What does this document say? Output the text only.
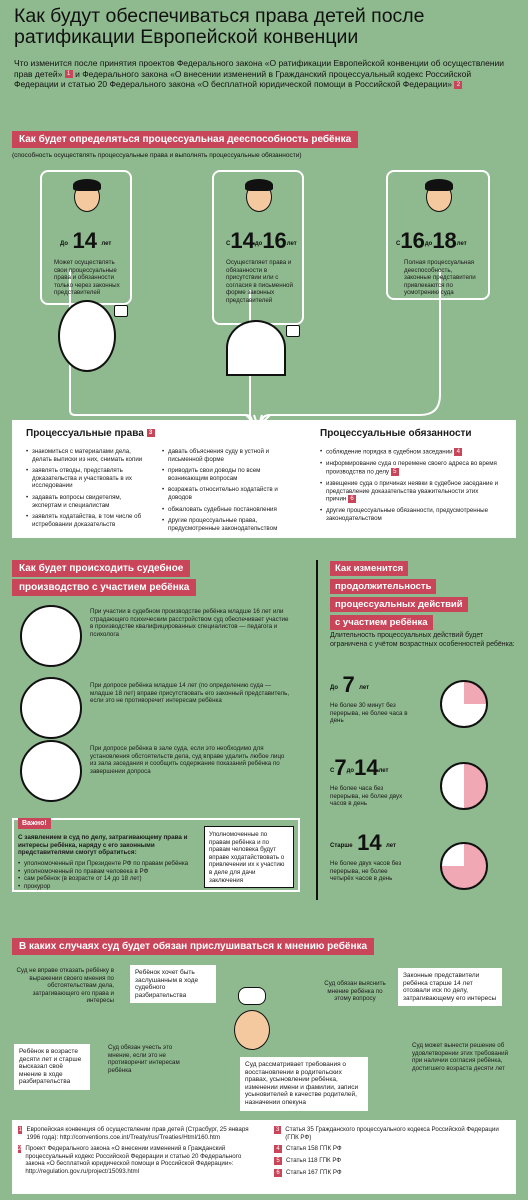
Как будут обеспечиваться права детей после ратификации Европейской конвенции
Что изменится после принятия проектов Федерального закона «О ратификации Европейской конвенции об осуществлении прав детей» 1 и Федерального закона «О внесении изменений в Гражданский процессуальный кодекс Российской Федерации и статью 20 Федерального закона «О бесплатной юридической помощи в Российской Федерации» 2
Как будет определяться процессуальная дееспособность ребёнка
(способность осуществлять процессуальные права и выполнять процессуальные обязанности)
До 14 лет
Может осуществлять свои процессуальные права и обязанности только через законных представителей
С14до16лет
Осуществляет права и обязанности в присутствии или с согласия в письменной форме законных представителей
С16до18лет
Полная процессуальная дееспособность, законные представители привлекаются по усмотрению суда
Процессуальные права 3
• знакомиться с материалами дела, делать выписки из них, снимать копии
• заявлять отводы, представлять доказательства и участвовать в их исследовании
• задавать вопросы свидетелям, экспертам и специалистам
• заявлять ходатайства, в том числе об истребовании доказательств
• давать объяснения суду в устной и письменной форме
• приводить свои доводы по всем возникающим вопросам
• возражать относительно ходатайств и доводов
• обжаловать судебные постановления
• другие процессуальные права, предусмотренные законодательством
Процессуальные обязанности
• соблюдение порядка в судебном заседании 4
• информирование суда о перемене своего адреса во время производства по делу 5
• извещение суда о причинах неявки в судебное заседание и представление доказательства уважительности этих причин 6
• другие процессуальные обязанности, предусмотренные законодательством
Как будет происходить судебное
производство с участием ребёнка
При участии в судебном производстве ребёнка младше 16 лет или страдающего психическим расстройством суд обеспечивает участие в производстве квалифицированных специалистов — педагога и психолога
При допросе ребёнка младше 14 лет (по определению суда — младше 18 лет) вправе присутствовать его законный представитель, если это не противоречит интересам ребёнка
При допросе ребёнка в зале суда, если это необходимо для установления обстоятельств дела, суд вправе удалить любое лицо из зала заседания и сообщить содержание показаний ребёнка по завершении допроса
Важно!
С заявлением в суд по делу, затрагивающему права и интересы ребёнка, наряду с его законными представителями смогут обратиться:
• уполномоченный при Президенте РФ по правам ребёнка
• уполномоченный по правам человека в РФ
• сам ребёнок (в возрасте от 14 до 18 лет)
• прокурор
Уполномоченные по правам ребёнка и по правам человека будут вправе ходатайствовать о привлечении их к участию в деле для дачи заключения
Как изменится
продолжительность
процессуальных действий
с участием ребёнка
Длительность процессуальных действий будет ограничена с учётом возрастных особенностей ребёнка:
До 7 лет
Не более 30 минут без перерыва, не более часа в день
С7до14лет
Не более часа без перерыва, не более двух часов в день
Старше 14 лет
Не более двух часов без перерыва, не более четырёх часов в день
В каких случаях суд будет обязан прислушиваться к мнению ребёнка
Суд не вправе отказать ребёнку в выражении своего мнения по обстоятельствам дела, затрагивающего его права и интересы
Ребёнок хочет быть заслушанным в ходе судебного разбирательства
Суд обязан выяснить мнение ребёнка по этому вопросу
Законные представители ребёнка старше 14 лет отозвали иск по делу, затрагивающему его интересы
Ребёнок в возрасте десяти лет и старше высказал своё мнение в ходе разбирательства
Суд обязан учесть это мнение, если это не противоречит интересам ребёнка
Суд рассматривает требования о восстановлении в родительских правах, усыновлении ребёнка, изменении имени и фамилии, записи усыновителей в качестве родителей, назначении опекуна
Суд может вынести решение об удовлетворении этих требований при наличии согласия ребёнка, достигшего возраста десяти лет
1 Европейская конвенция об осуществлении прав детей (Страсбург, 25 января 1996 года): http://conventions.coe.int/Treaty/rus/Treaties/Html/160.htm
2 Проект Федерального закона «О внесении изменений в Гражданский процессуальный кодекс Российской Федерации и статью 20 Федерального закона «О бесплатной юридической помощи в Российской Федерации»: http://regulation.gov.ru/project/15093.html
3 Статья 35 Гражданского процессуального кодекса Российской Федерации (ГПК РФ)
4	Статья 158 ГПК РФ
5	Статья 118 ГПК РФ
6	Статья 167 ГПК РФ
